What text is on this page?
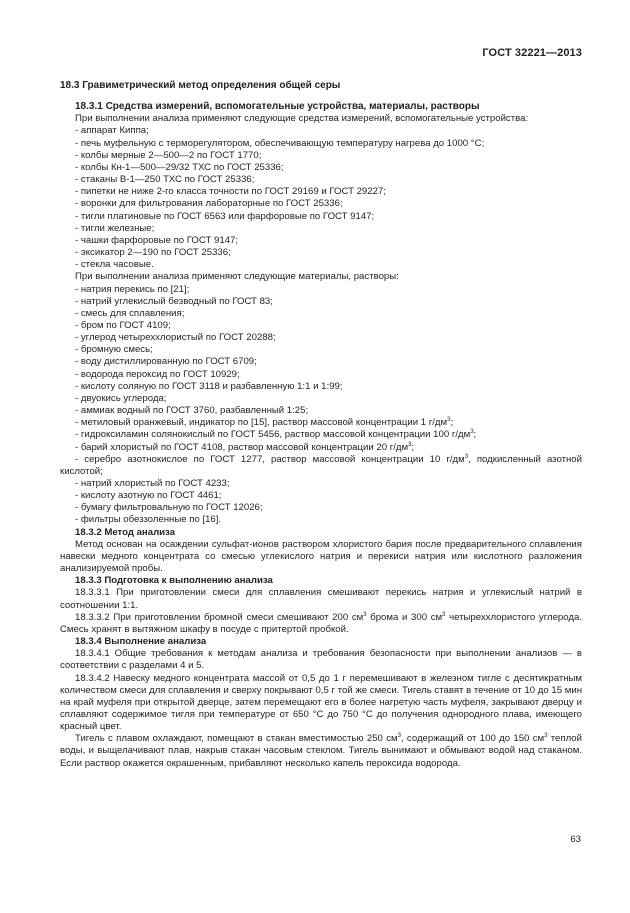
ГОСТ 32221—2013

18.3 Гравиметрический метод определения общей серы

18.3.1 Средства измерений, вспомогательные устройства, материалы, растворы

При выполнении анализа применяют следующие средства измерений, вспомогательные устройства:

- аппарат Киппа;

- печь муфельную с терморегулятором, обеспечивающую температуру нагрева до 1000 °С;

- колбы мерные 2—500—2 по ГОСТ 1770;

- колбы Кн-1—500—29/32 ТХС по ГОСТ 25336;

- стаканы В-1—250 ТХС по ГОСТ 25336;

- пипетки не ниже 2-го класса точности по ГОСТ 29169 и ГОСТ 29227;

- воронки для фильтрования лабораторные по ГОСТ 25336;

- тигли платиновые по ГОСТ 6563 или фарфоровые по ГОСТ 9147;

- тигли железные;

- чашки фарфоровые по ГОСТ 9147;

- эксикатор 2—190 по ГОСТ 25336;

- стекла часовые.

При выполнении анализа применяют следующие материалы, растворы:

- натрия перекись по [21];

- натрий углекислый безводный по ГОСТ 83;

- смесь для сплавления;

- бром по ГОСТ 4109;

- углерод четыреххлористый по ГОСТ 20288;

- бромную смесь;

- воду дистиллированную по ГОСТ 6709;

- водорода пероксид по ГОСТ 10929;

- кислоту соляную по ГОСТ 3118 и разбавленную 1:1 и 1:99;

- двуокись углерода;

- аммиак водный по ГОСТ 3760, разбавленный 1:25;

- метиловый оранжевый, индикатор по [15], раствор массовой концентрации 1 $г/дм^3$;

- гидроксиламин солянокислый по ГОСТ 5456, раствор массовой концентрации 100 $г/дм^3$;

- барий хлористый по ГОСТ 4108, раствор массовой концентрации 20 $г/дм^3$;

- серебро азотнокислое по ГОСТ 1277, раствор массовой концентрации 10 $г/дм^3$, подкисленный азотной кислотой;

- натрий хлористый по ГОСТ 4233;

- кислоту азотную по ГОСТ 4461;

- бумагу фильтровальную по ГОСТ 12026;

- фильтры обеззоленные по [16].

18.3.2 Метод анализа

Метод основан на осаждении сульфат-ионов раствором хлористого бария после предварительного сплавления навески медного концентрата со смесью углекислого натрия и перекиси натрия или кислотного разложения анализируемой пробы.

18.3.3 Подготовка к выполнению анализа

18.3.3.1 При приготовлении смеси для сплавления смешивают перекись натрия и углекислый натрий в соотношении 1:1.

18.3.3.2 При приготовлении бромной смеси смешивают 200 $см^3$ брома и 300 $см^3$ четыреххлористого углерода. Смесь хранят в вытяжном шкафу в посуде с притертой пробкой.

18.3.4 Выполнение анализа

18.3.4.1 Общие требования к методам анализа и требования безопасности при выполнении анализов — в соответствии с разделами 4 и 5.

18.3.4.2 Навеску медного концентрата массой от 0,5 до 1 г перемешивают в железном тигле с десятикратным количеством смеси для сплавления и сверху покрывают 0,5 г той же смеси. Тигель ставят в течение от 10 до 15 мин на край муфеля при открытой дверце, затем перемещают его в более нагретую часть муфеля, закрывают дверцу и сплавляют содержимое тигля при температуре от 650 °С до 750 °С до получения однородного плава, имеющего красный цвет.

Тигель с плавом охлаждают, помещают в стакан вместимостью 250 $см^3$, содержащий от 100 до 150 $см^3$ теплой воды, и выщелачивают плав, накрыв стакан часовым стеклом. Тигель вынимают и обмывают водой над стаканом. Если раствор окажется окрашенным, прибавляют несколько капель пероксида водорода.

63
